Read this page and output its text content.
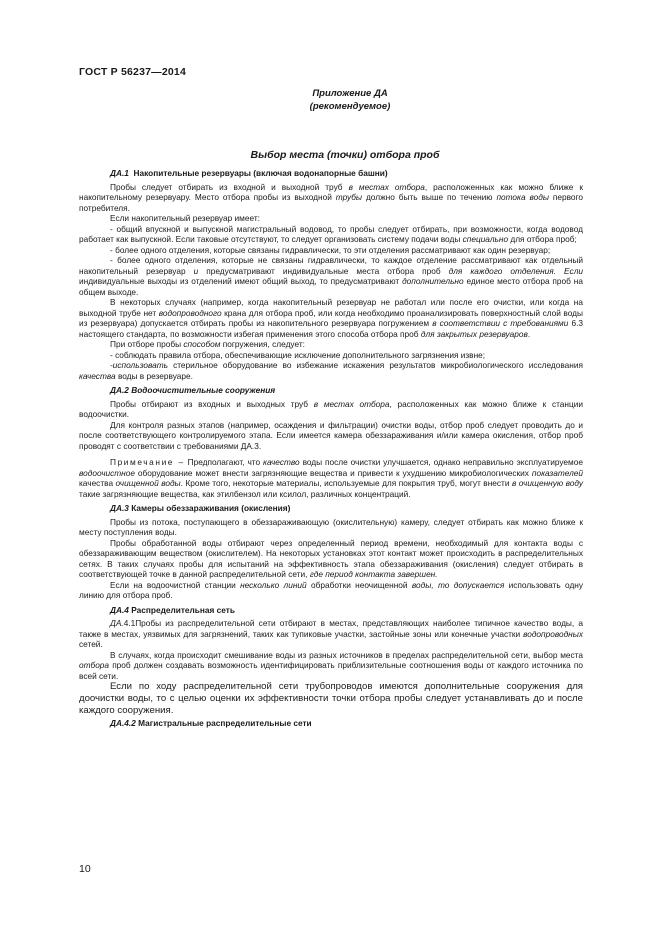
ГОСТ Р 56237—2014
Приложение ДА
(рекомендуемое)
Выбор места (точки) отбора проб

ДА.1 Накопительные резервуары (включая водонапорные башни)

Пробы следует отбирать из входной и выходной труб в местах отбора, расположенных как можно ближе к накопительному резервуару. Место отбора пробы из выходной трубы должно быть выше по течению потока воды первого потребителя.

Если накопительный резервуар имеет:

- общий впускной и выпускной магистральный водовод, то пробы следует отбирать, при возможности, когда водовод работает как выпускной. Если таковые отсутствуют, то следует организовать систему подачи воды специально для отбора проб;

- более одного отделения, которые связаны гидравлически, то эти отделения рассматривают как один резервуар;

- более одного отделения, которые не связаны гидравлически, то каждое отделение рассматривают как отдельный накопительный резервуар и предусматривают индивидуальные места отбора проб для каждого отделения. Если индивидуальные выходы из отделений имеют общий выход, то предусматривают дополнительно единое место отбора проб на общем выходе.

В некоторых случаях (например, когда накопительный резервуар не работал или после его очистки, или когда на выходной трубе нет водопроводного крана для отбора проб, или когда необходимо проанализировать поверхностный слой воды из резервуара) допускается отбирать пробы из накопительного резервуара погружением в соответствии с требованиями 6.3 настоящего стандарта, по возможности избегая применения этого способа отбора проб для закрытых резервуаров.

При отборе пробы способом погружения, следует:

- соблюдать правила отбора, обеспечивающие исключение дополнительного загрязнения извне;

-использовать стерильное оборудование во избежание искажения результатов микробиологического исследования качества воды в резервуаре.

ДА.2 Водоочистительные сооружения

Пробы отбирают из входных и выходных труб в местах отбора, расположенных как можно ближе к станции водоочистки.

Для контроля разных этапов (например, осаждения и фильтрации) очистки воды, отбор проб следует проводить до и после соответствующего контролируемого этапа. Если имеется камера обеззараживания и/или камера окисления, отбор проб проводят с соответствии с требованиями ДА.3.

Примечание – Предполагают, что качество воды после очистки улучшается, однако неправильно эксплуатируемое водоочистное оборудование может внести загрязняющие вещества и привести к ухудшению микробиологических показателей качества очищенной воды. Кроме того, некоторые материалы, используемые для покрытия труб, могут внести в очищенную воду такие загрязняющие вещества, как этилбензол или ксилол, различных концентраций.

ДА.3 Камеры обеззараживания (окисления)

Пробы из потока, поступающего в обеззараживающую (окислительную) камеру, следует отбирать как можно ближе к месту поступления воды.

Пробы обработанной воды отбирают через определенный период времени, необходимый для контакта воды с обеззараживающим веществом (окислителем). На некоторых установках этот контакт может происходить в распределительных сетях. В таких случаях пробы для испытаний на эффективность этапа обеззараживания (окисления) следует отбирать в соответствующей точке в данной распределительной сети, где период контакта завершен.

Если на водоочистной станции несколько линий обработки неочищенной воды, то допускается использовать одну линию для отбора проб.

ДА.4 Распределительная сеть

ДА.4.1Пробы из распределительной сети отбирают в местах, представляющих наиболее типичное качество воды, а также в местах, уязвимых для загрязнений, таких как тупиковые участки, застойные зоны или конечные участки водопроводных сетей.

В случаях, когда происходит смешивание воды из разных источников в пределах распределительной сети, выбор места отбора проб должен создавать возможность идентифицировать приблизительные соотношения воды от каждого источника по всей сети.

Если по ходу распределительной сети трубопроводов имеются дополнительные сооружения для доочистки воды, то с целью оценки их эффективности точки отбора пробы следует устанавливать до и после каждого сооружения.

ДА.4.2 Магистральные распределительные сети

10
